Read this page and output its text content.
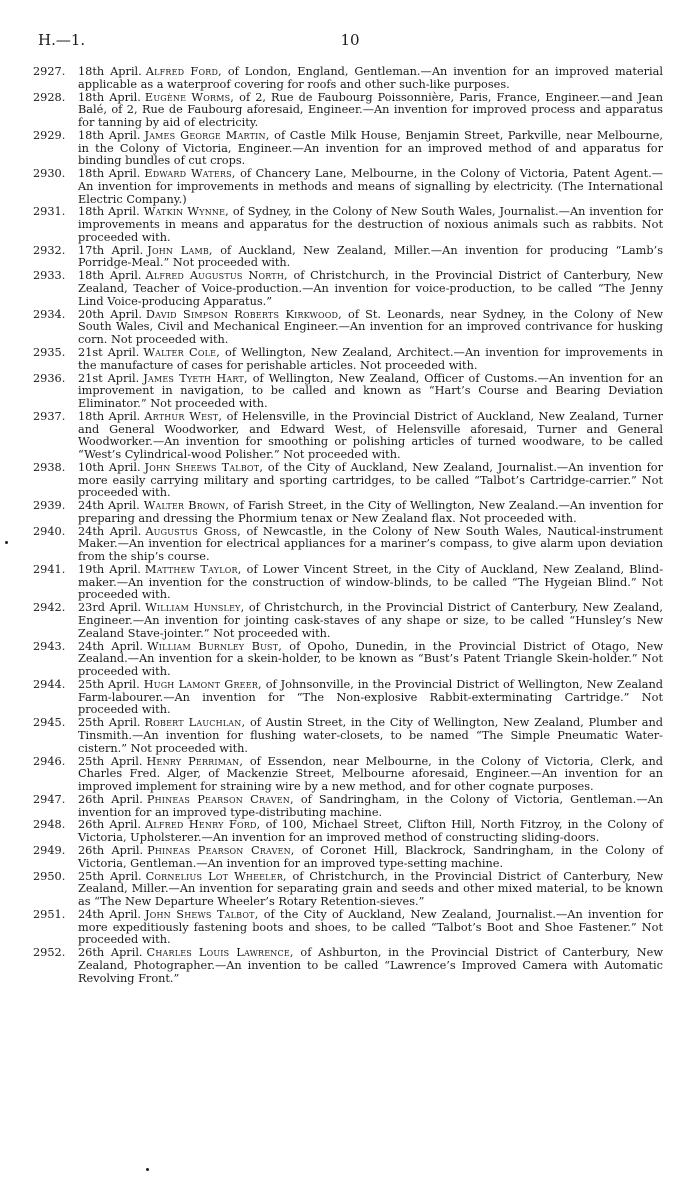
H.—1.	10
2927. 18th April. Alfred Ford, of London, England, Gentleman.—An invention for an improved material applicable as a waterproof covering for roofs and other such-like purposes.
2928. 18th April. Eugène Worms, of 2, Rue de Faubourg Poissonnière, Paris, France, Engineer.—and Jean Balé, of 2, Rue de Faubourg aforesaid, Engineer.—An invention for improved process and apparatus for tanning by aid of electricity.
2929. 18th April. James George Martin, of Castle Milk House, Benjamin Street, Parkville, near Melbourne, in the Colony of Victoria, Engineer.—An invention for an improved method of and apparatus for binding bundles of cut crops.
2930. 18th April. Edward Waters, of Chancery Lane, Melbourne, in the Colony of Victoria, Patent Agent.—An invention for improvements in methods and means of signalling by electricity. (The International Electric Company.)
2931. 18th April. Watkin Wynne, of Sydney, in the Colony of New South Wales, Journalist.—An invention for improvements in means and apparatus for the destruction of noxious animals such as rabbits. Not proceeded with.
2932. 17th April. John Lamb, of Auckland, New Zealand, Miller.—An invention for producing “Lamb’s Porridge-Meal.” Not proceeded with.
2933. 18th April. Alfred Augustus North, of Christchurch, in the Provincial District of Canterbury, New Zealand, Teacher of Voice-production.—An invention for voice-production, to be called “The Jenny Lind Voice-producing Apparatus.”
2934. 20th April. David Simpson Roberts Kirkwood, of St. Leonards, near Sydney, in the Colony of New South Wales, Civil and Mechanical Engineer.—An invention for an improved contrivance for husking corn. Not proceeded with.
2935. 21st April. Walter Cole, of Wellington, New Zealand, Architect.—An invention for improvements in the manufacture of cases for perishable articles. Not proceeded with.
2936. 21st April. James Tyeth Hart, of Wellington, New Zealand, Officer of Customs.—An invention for an improvement in navigation, to be called and known as “Hart’s Course and Bearing Deviation Eliminator.” Not proceeded with.
2937. 18th April. Arthur West, of Helensville, in the Provincial District of Auckland, New Zealand, Turner and General Woodworker, and Edward West, of Helensville aforesaid, Turner and General Woodworker.—An invention for smoothing or polishing articles of turned woodware, to be called “West’s Cylindrical-wood Polisher.” Not proceeded with.
2938. 10th April. John Sheews Talbot, of the City of Auckland, New Zealand, Journalist.—An invention for more easily carrying military and sporting cartridges, to be called “Talbot’s Cartridge-carrier.” Not proceeded with.
2939. 24th April. Walter Brown, of Farish Street, in the City of Wellington, New Zealand.—An invention for preparing and dressing the Phormium tenax or New Zealand flax. Not proceeded with.
2940. 24th April. Augustus Gross, of Newcastle, in the Colony of New South Wales, Nautical-instrument Maker.—An invention for electrical appliances for a mariner’s compass, to give alarm upon deviation from the ship’s course.
2941. 19th April. Matthew Taylor, of Lower Vincent Street, in the City of Auckland, New Zealand, Blind-maker.—An invention for the construction of window-blinds, to be called “The Hygeian Blind.” Not proceeded with.
2942. 23rd April. William Hunsley, of Christchurch, in the Provincial District of Canterbury, New Zealand, Engineer.—An invention for jointing cask-staves of any shape or size, to be called “Hunsley’s New Zealand Stave-jointer.” Not proceeded with.
2943. 24th April. William Burnley Bust, of Opoho, Dunedin, in the Provincial District of Otago, New Zealand.—An invention for a skein-holder, to be known as “Bust’s Patent Triangle Skein-holder.” Not proceeded with.
2944. 25th April. Hugh Lamont Greer, of Johnsonville, in the Provincial District of Wellington, New Zealand Farm-labourer.—An invention for “The Non-explosive Rabbit-exterminating Cartridge.” Not proceeded with.
2945. 25th April. Robert Lauchlan, of Austin Street, in the City of Wellington, New Zealand, Plumber and Tinsmith.—An invention for flushing water-closets, to be named “The Simple Pneumatic Water-cistern.” Not proceeded with.
2946. 25th April. Henry Perriman, of Essendon, near Melbourne, in the Colony of Victoria, Clerk, and Charles Fred. Alger, of Mackenzie Street, Melbourne aforesaid, Engineer.—An invention for an improved implement for straining wire by a new method, and for other cognate purposes.
2947. 26th April. Phineas Pearson Craven, of Sandringham, in the Colony of Victoria, Gentleman.—An invention for an improved type-distributing machine.
2948. 26th April. Alfred Henry Ford, of 100, Michael Street, Clifton Hill, North Fitzroy, in the Colony of Victoria, Upholsterer.—An invention for an improved method of constructing sliding-doors.
2949. 26th April. Phineas Pearson Craven, of Coronet Hill, Blackrock, Sandringham, in the Colony of Victoria, Gentleman.—An invention for an improved type-setting machine.
2950. 25th April. Cornelius Lot Wheeler, of Christchurch, in the Provincial District of Canterbury, New Zealand, Miller.—An invention for separating grain and seeds and other mixed material, to be known as “The New Departure Wheeler’s Rotary Retention-sieves.”
2951. 24th April. John Shews Talbot, of the City of Auckland, New Zealand, Journalist.—An invention for more expeditiously fastening boots and shoes, to be called “Talbot’s Boot and Shoe Fastener.” Not proceeded with.
2952. 26th April. Charles Louis Lawrence, of Ashburton, in the Provincial District of Canterbury, New Zealand, Photographer.—An invention to be called “Lawrence’s Improved Camera with Automatic Revolving Front.”
